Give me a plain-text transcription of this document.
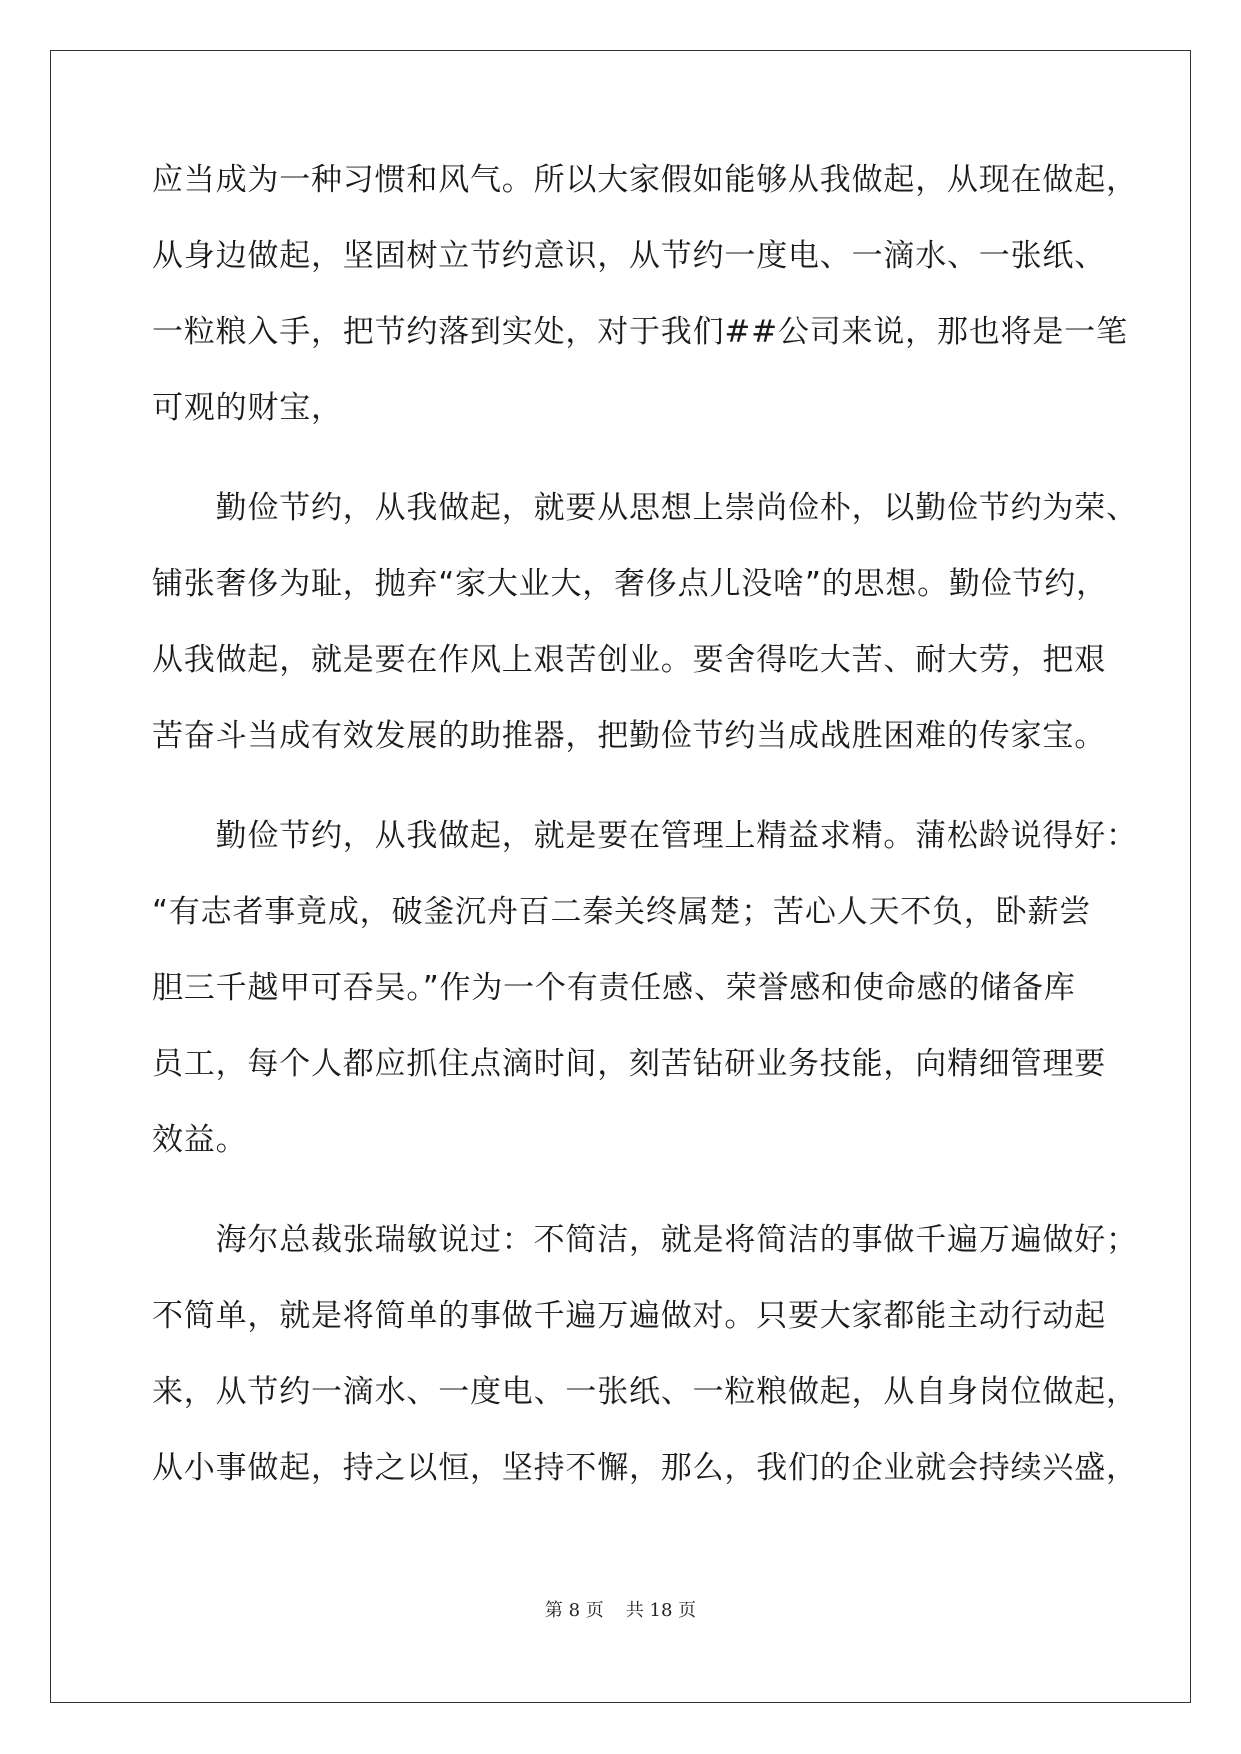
应当成为一种习惯和风气。所以大家假如能够从我做起，从现在做起，
从身边做起，坚固树立节约意识，从节约一度电、一滴水、一张纸、
一粒粮入手，把节约落到实处，对于我们##公司来说，那也将是一笔
可观的财宝，
　　勤俭节约，从我做起，就要从思想上崇尚俭朴，以勤俭节约为荣、
铺张奢侈为耻，抛弃“家大业大，奢侈点儿没啥”的思想。勤俭节约，
从我做起，就是要在作风上艰苦创业。要舍得吃大苦、耐大劳，把艰
苦奋斗当成有效发展的助推器，把勤俭节约当成战胜困难的传家宝。
　　勤俭节约，从我做起，就是要在管理上精益求精。蒲松龄说得好：
“有志者事竟成，破釜沉舟百二秦关终属楚；苦心人天不负，卧薪尝
胆三千越甲可吞吴。”作为一个有责任感、荣誉感和使命感的储备库
员工，每个人都应抓住点滴时间，刻苦钻研业务技能，向精细管理要
效益。
　　海尔总裁张瑞敏说过：不简洁，就是将简洁的事做千遍万遍做好；
不简单，就是将简单的事做千遍万遍做对。只要大家都能主动行动起
来，从节约一滴水、一度电、一张纸、一粒粮做起，从自身岗位做起，
从小事做起，持之以恒，坚持不懈，那么，我们的企业就会持续兴盛，
第 8 页 共 18 页
